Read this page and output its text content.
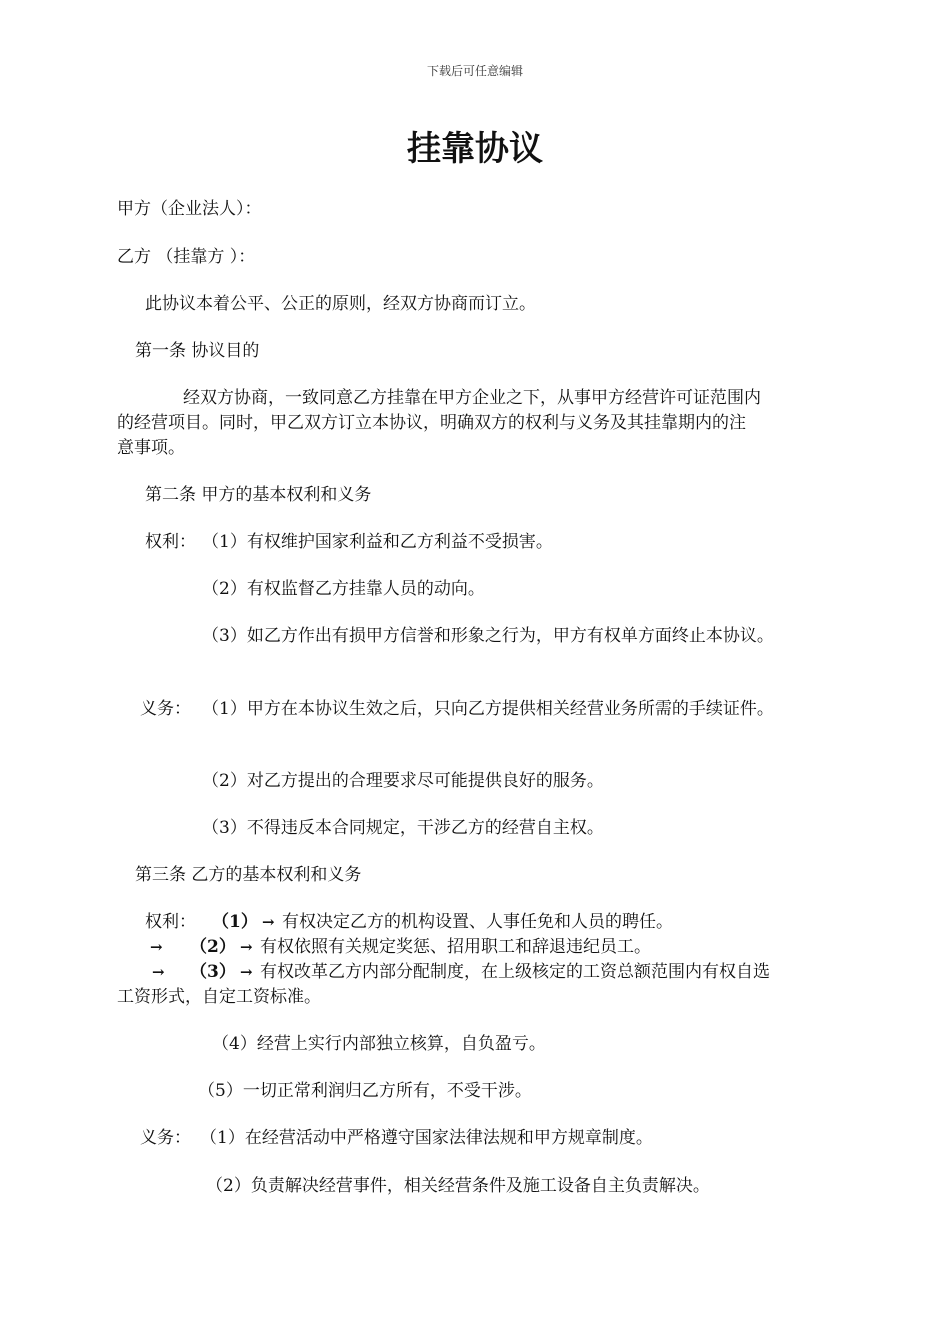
下载后可任意编辑
挂靠协议
甲方（企业法人）：
乙方 （挂靠方 ）：
此协议本着公平、公正的原则，经双方协商而订立。
第一条 协议目的
经双方协商，一致同意乙方挂靠在甲方企业之下，从事甲方经营许可证范围内
的经营项目。同时，甲乙双方订立本协议，明确双方的权利与义务及其挂靠期内的注
意事项。
第二条 甲方的基本权利和义务
权利： （1）有权维护国家利益和乙方利益不受损害。
（2）有权监督乙方挂靠人员的动向。
（3）如乙方作出有损甲方信誉和形象之行为，甲方有权单方面终止本协议。
义务： （1）甲方在本协议生效之后，只向乙方提供相关经营业务所需的手续证件。
（2）对乙方提出的合理要求尽可能提供良好的服务。
（3）不得违反本合同规定，干涉乙方的经营自主权。
第三条 乙方的基本权利和义务
权利： （1） → 有权决定乙方的机构设置、人事任免和人员的聘任。
→ （2） → 有权依照有关规定奖惩、招用职工和辞退违纪员工。
→ （3） → 有权改革乙方内部分配制度，在上级核定的工资总额范围内有权自选
工资形式，自定工资标准。
（4）经营上实行内部独立核算，自负盈亏。
（5）一切正常利润归乙方所有，不受干涉。
义务： （1）在经营活动中严格遵守国家法律法规和甲方规章制度。
（2）负责解决经营事件，相关经营条件及施工设备自主负责解决。
